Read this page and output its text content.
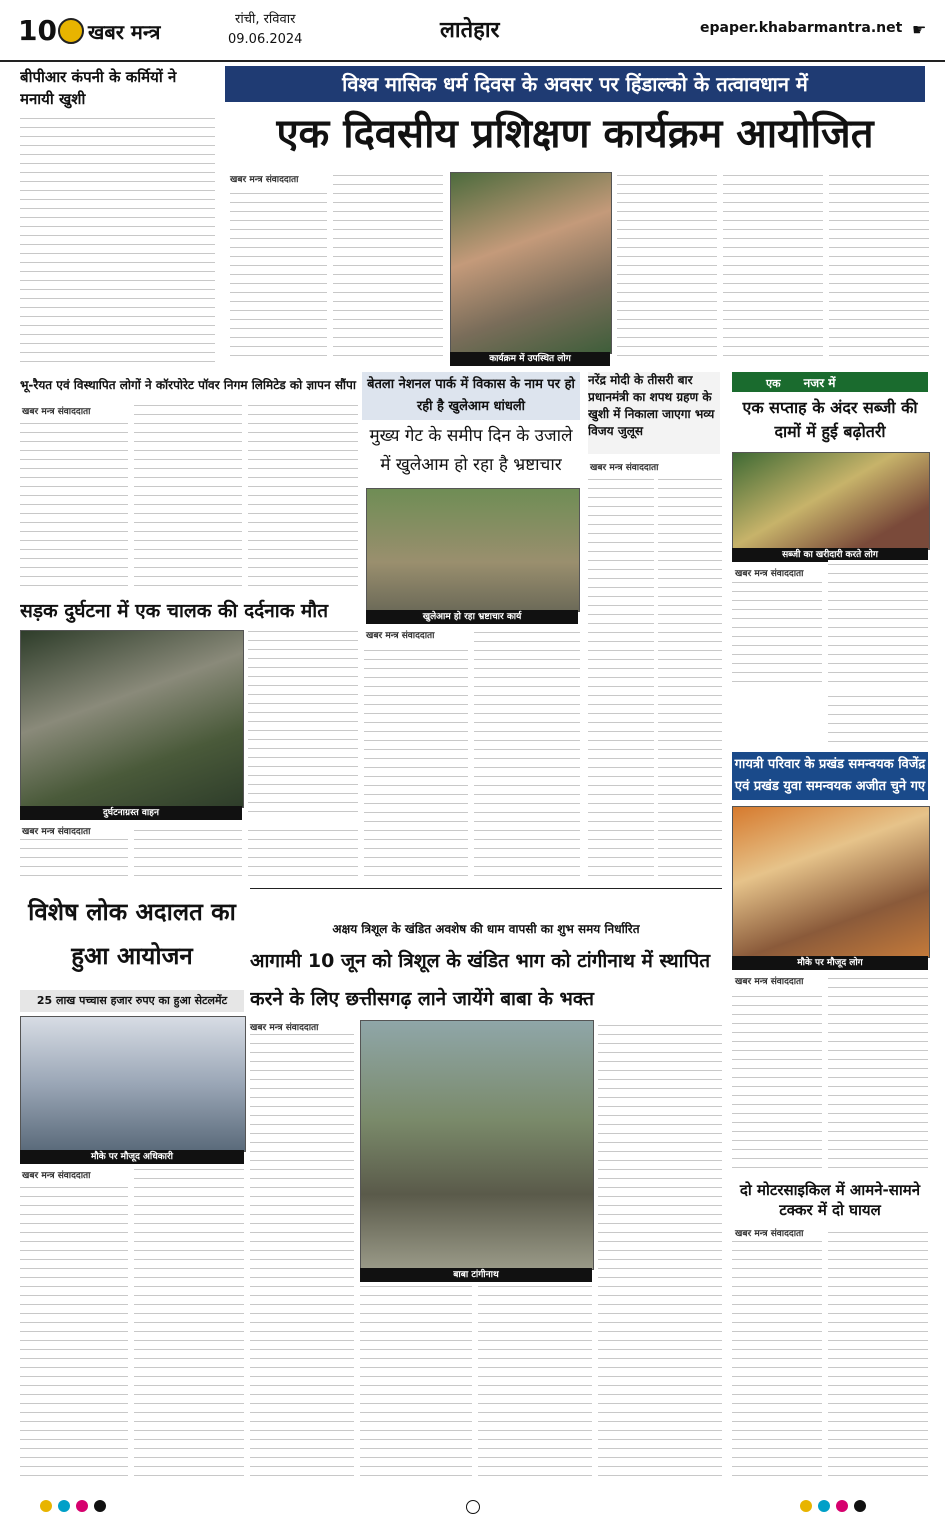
10 खबर मन्त्र
रांची, रविवार
09.06.2024	लातेहार	epaper.khabarmantra.net ☛
बीपीआर कंपनी के कर्मियों ने मनायी खुशी
विश्व मासिक धर्म दिवस के अवसर पर हिंडाल्को के तत्वावधान में
एक दिवसीय प्रशिक्षण कार्यक्रम आयोजित
खबर मन्त्र संवाददाता
कार्यक्रम में उपस्थित लोग
भू-रैयत एवं विस्थापित लोगों ने कॉरपोरेट पॉवर निगम लिमिटेड को ज्ञापन सौंपा
खबर मन्त्र संवाददाता
बेतला नेशनल पार्क में विकास के नाम पर हो रही है खुलेआम धांधली
मुख्य गेट के समीप दिन के उजाले में खुलेआम हो रहा है भ्रष्टाचार
खुलेआम हो रहा भ्रष्टाचार कार्य
नरेंद्र मोदी के तीसरी बार प्रधानमंत्री का शपथ ग्रहण के खुशी में निकाला जाएगा भव्य विजय जुलूस
खबर मन्त्र संवाददाता
एक नजर में
एक सप्ताह के अंदर सब्जी की दामों में हुई बढ़ोतरी
सब्जी का खरीदारी करते लोग
खबर मन्त्र संवाददाता
सड़क दुर्घटना में एक चालक की दर्दनाक मौत
दुर्घटनाग्रस्त वाहन
खबर मन्त्र संवाददाता
खबर मन्त्र संवाददाता
गायत्री परिवार के प्रखंड समन्वयक विजेंद्र एवं प्रखंड युवा समन्वयक अजीत चुने गए
मौके पर मौजूद लोग
खबर मन्त्र संवाददाता
अक्षय त्रिशूल के खंडित अवशेष की धाम वापसी का शुभ समय निर्धारित
आगामी 10 जून को त्रिशूल के खंडित भाग को टांगीनाथ में स्थापित करने के लिए छत्तीसगढ़ लाने जायेंगे बाबा के भक्त
खबर मन्त्र संवाददाता
बाबा टांगीनाथ
विशेष लोक अदालत का हुआ आयोजन
25 लाख पच्चास हजार रुपए का हुआ सेटलमेंट
मौके पर मौजूद अधिकारी
खबर मन्त्र संवाददाता
दो मोटरसाइकिल में आमने-सामने टक्कर में दो घायल
खबर मन्त्र संवाददाता
